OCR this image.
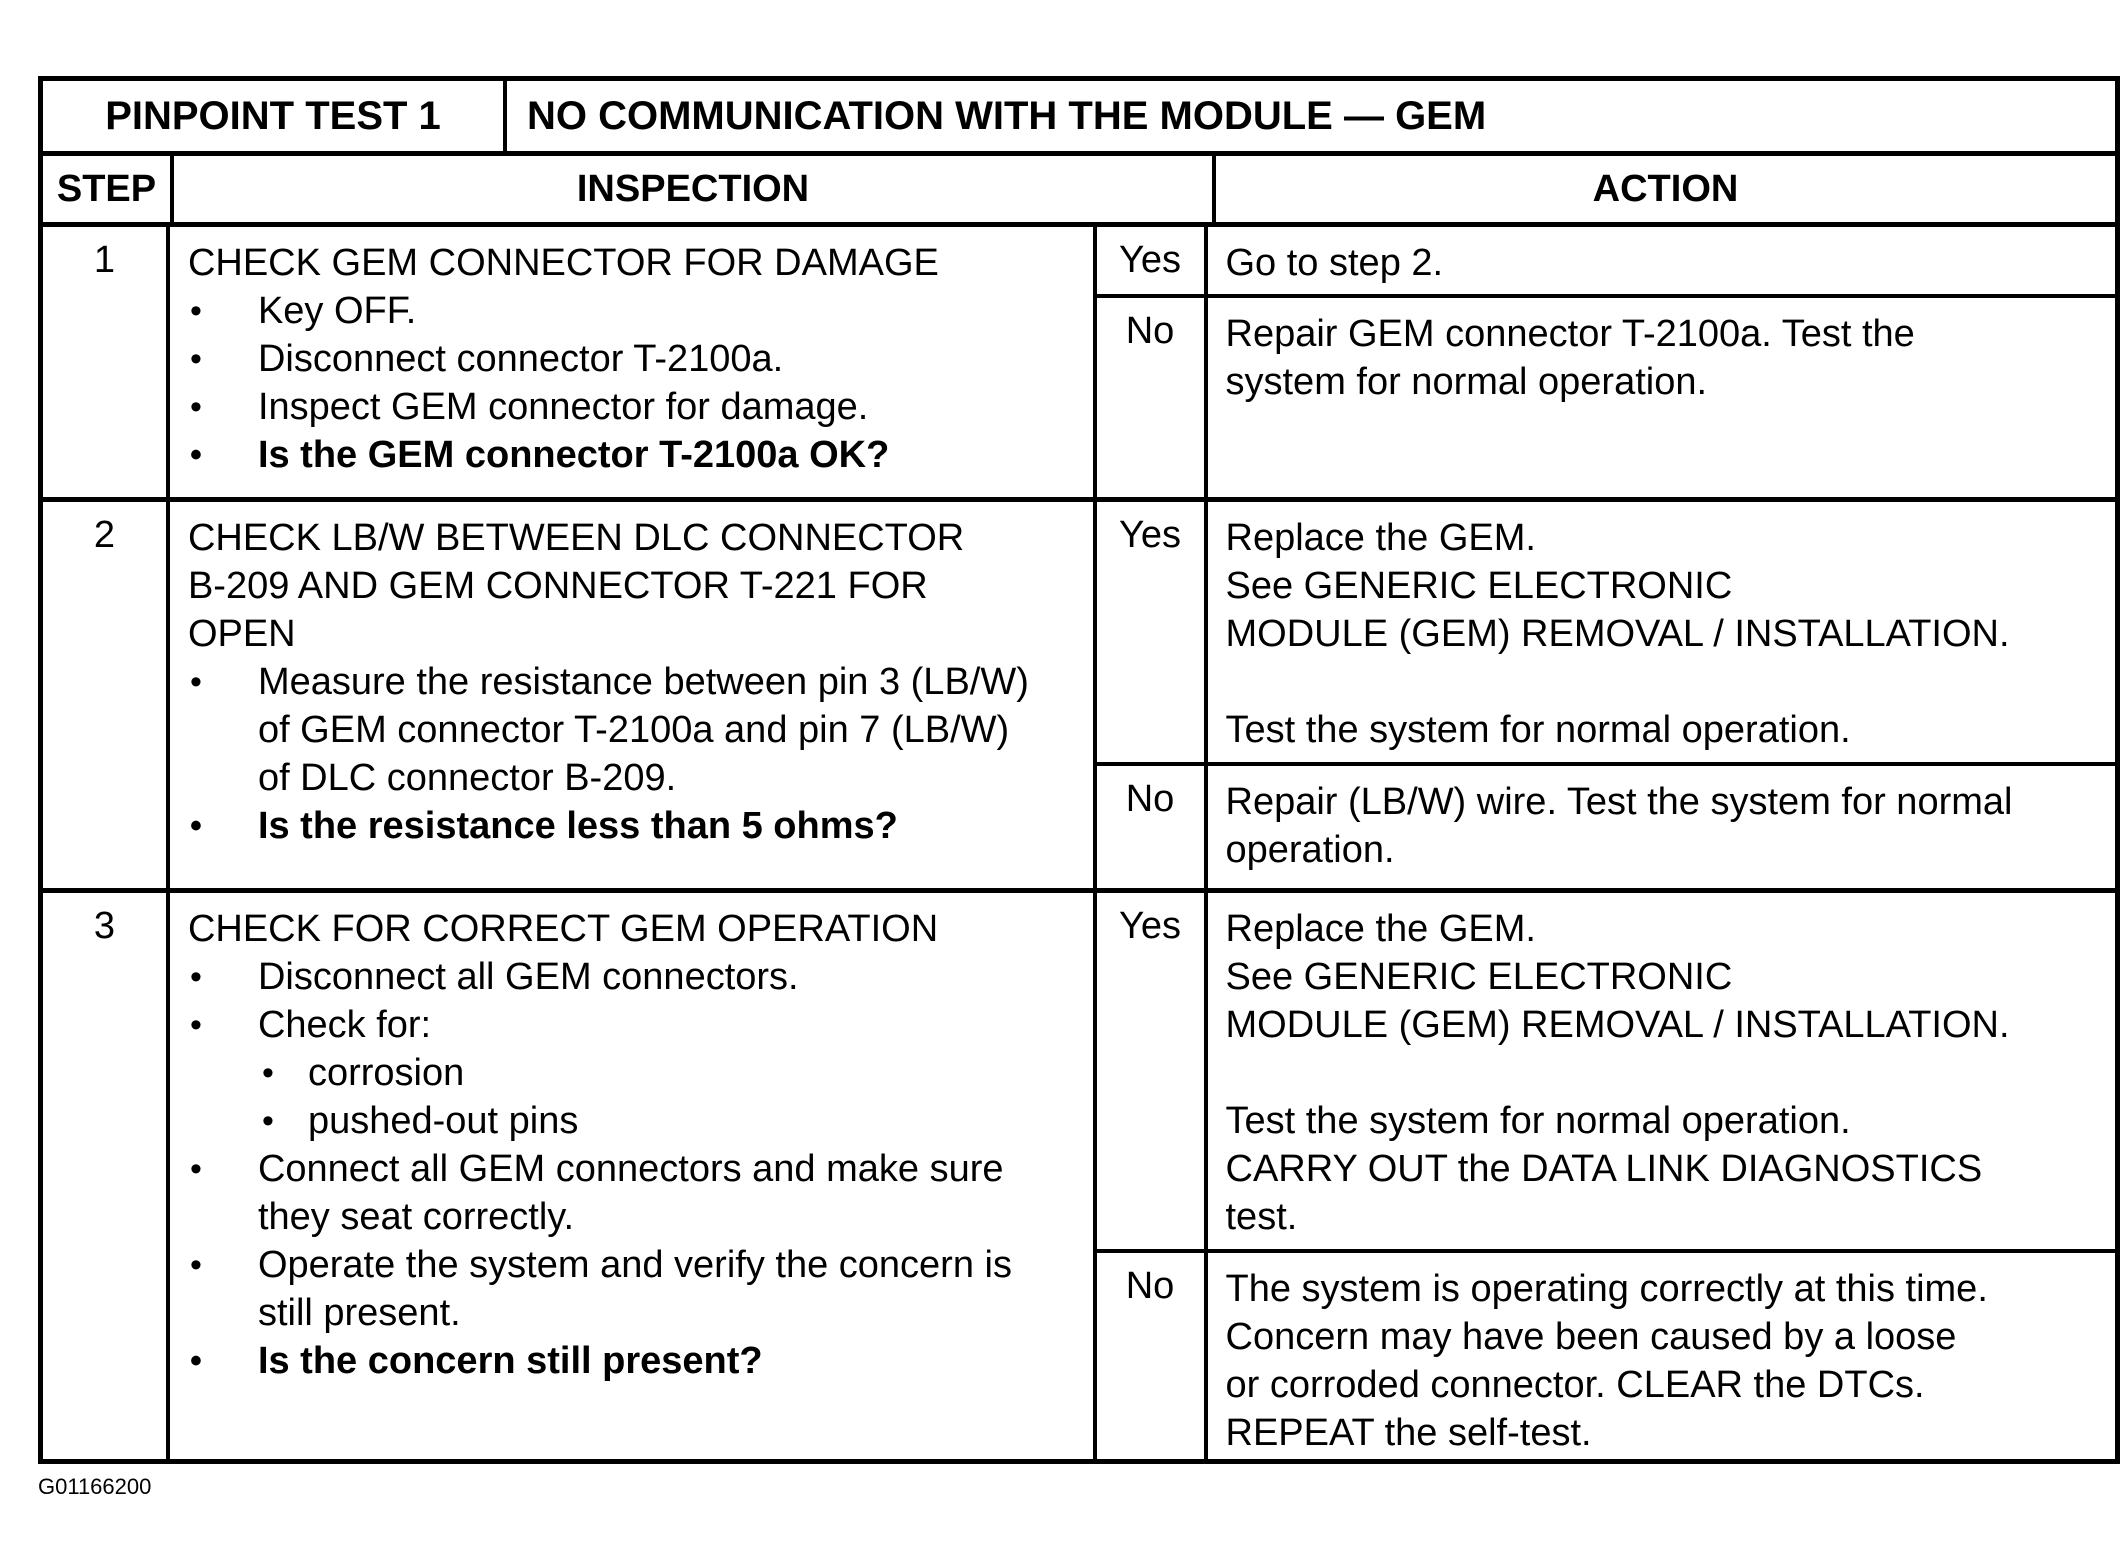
PINPOINT TEST 1	NO COMMUNICATION WITH THE MODULE — GEM
STEP	INSPECTION	ACTION
1	CHECK GEM CONNECTOR FOR DAMAGE
• Key OFF.
• Disconnect connector T-2100a.
• Inspect GEM connector for damage.
• Is the GEM connector T-2100a OK?
Yes	Go to step 2.
No	Repair GEM connector T-2100a. Test the
system for normal operation.
2	CHECK LB/W BETWEEN DLC CONNECTOR
B-209 AND GEM CONNECTOR T-221 FOR
OPEN
• Measure the resistance between pin 3 (LB/W)
of GEM connector T-2100a and pin 7 (LB/W)
of DLC connector B-209.
• Is the resistance less than 5 ohms?
Yes	Replace the GEM.
See GENERIC ELECTRONIC
MODULE (GEM) REMOVAL / INSTALLATION.
Test the system for normal operation.
No	Repair (LB/W) wire. Test the system for normal
operation.
3	CHECK FOR CORRECT GEM OPERATION
• Disconnect all GEM connectors.
• Check for:
• corrosion
• pushed-out pins
• Connect all GEM connectors and make sure
they seat correctly.
• Operate the system and verify the concern is
still present.
• Is the concern still present?
Yes	Replace the GEM.
See GENERIC ELECTRONIC
MODULE (GEM) REMOVAL / INSTALLATION.
Test the system for normal operation.
CARRY OUT the DATA LINK DIAGNOSTICS
test.
No	The system is operating correctly at this time.
Concern may have been caused by a loose
or corroded connector. CLEAR the DTCs.
REPEAT the self-test.
G01166200
